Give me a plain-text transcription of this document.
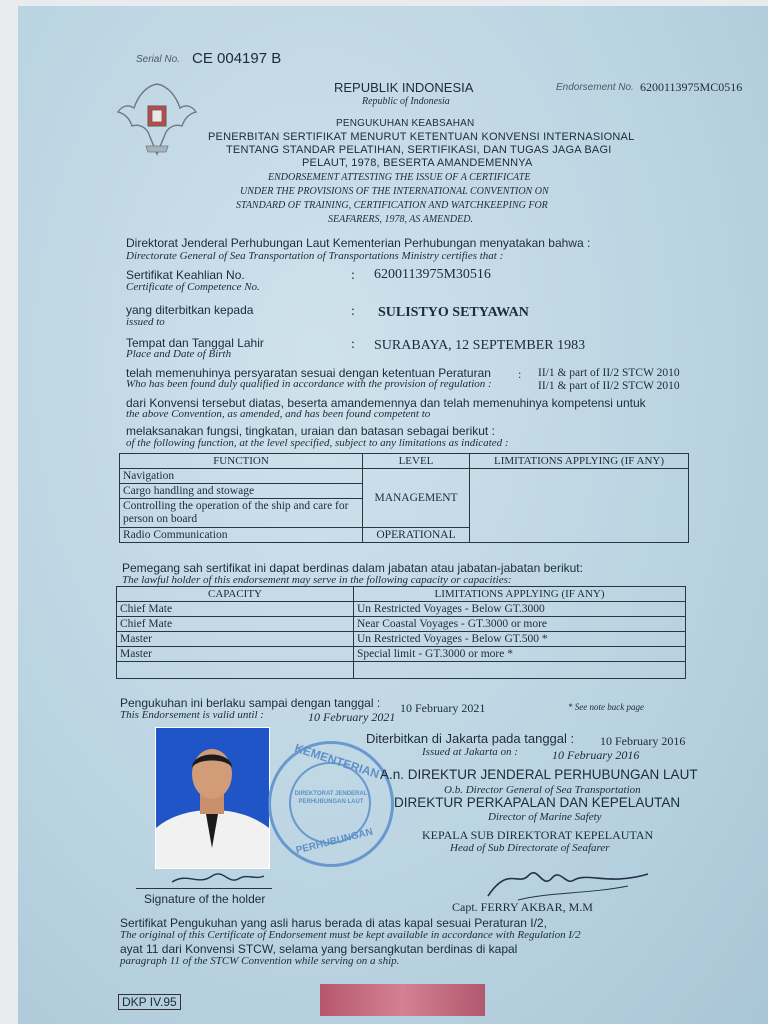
Serial No. CE 004197 B
REPUBLIK INDONESIA
Republic of Indonesia
Endorsement No. 6200113975MC0516
PENGUKUHAN KEABSAHAN
PENERBITAN SERTIFIKAT MENURUT KETENTUAN KONVENSI INTERNASIONAL
TENTANG STANDAR PELATIHAN, SERTIFIKASI, DAN TUGAS JAGA BAGI
PELAUT, 1978, BESERTA AMANDEMENNYA
ENDORSEMENT ATTESTING THE ISSUE OF A CERTIFICATE
UNDER THE PROVISIONS OF THE INTERNATIONAL CONVENTION ON
STANDARD OF TRAINING, CERTIFICATION AND WATCHKEEPING FOR
SEAFARERS, 1978, AS AMENDED.
Direktorat Jenderal Perhubungan Laut Kementerian Perhubungan menyatakan bahwa :
Directorate General of Sea Transportation of Transportations Ministry certifies that :
Sertifikat Keahlian No.
Certificate of Competence No.
: 6200113975M30516
yang diterbitkan kepada
issued to
: SULISTYO SETYAWAN
Tempat dan Tanggal Lahir
Place and Date of Birth
: SURABAYA, 12 SEPTEMBER 1983
telah memenuhinya persyaratan sesuai dengan ketentuan Peraturan
Who has been found duly qualified in accordance with the provision of regulation :
: II/1 & part of II/2 STCW 2010
II/1 & part of II/2 STCW 2010
dari Konvensi tersebut diatas, beserta amandemennya dan telah memenuhinya kompetensi untuk
the above Convention, as amended, and has been found competent to
melaksanakan fungsi, tingkatan, uraian dan batasan sebagai berikut :
of the following function, at the level specified, subject to any limitations as indicated :
FUNCTION	LEVEL	LIMITATIONS APPLYING (IF ANY)
Navigation	MANAGEMENT	
Cargo handling and stowage		
Controlling the operation of the ship and care for person on board		
Radio Communication	OPERATIONAL	
Pemegang sah sertifikat ini dapat berdinas dalam jabatan atau jabatan-jabatan berikut:
The lawful holder of this endorsement may serve in the following capacity or capacities:
CAPACITY	LIMITATIONS APPLYING (IF ANY)
Chief Mate	Un Restricted Voyages - Below GT.3000
Chief Mate	Near Coastal Voyages - GT.3000 or more
Master	Un Restricted Voyages - Below GT.500 *
Master	Special limit - GT.3000 or more *

Pengukuhan ini berlaku sampai dengan tanggal :
This Endorsement is valid until :	10 February 2021
10 February 2021
* See note back page
KEMENTERIAN
PERHUBUNGAN
DIREKTORAT JENDERAL PERHUBUNGAN LAUT
Diterbitkan di Jakarta pada tanggal :
Issued at Jakarta on :
10 February 2016
10 February 2016
A.n. DIREKTUR JENDERAL PERHUBUNGAN LAUT
O.b. Director General of Sea Transportation
DIREKTUR PERKAPALAN DAN KEPELAUTAN
Director of Marine Safety
KEPALA SUB DIREKTORAT KEPELAUTAN
Head of Sub Directorate of Seafarer
Capt. FERRY AKBAR, M.M
Signature of the holder
Sertifikat Pengukuhan yang asli harus berada di atas kapal sesuai Peraturan I/2,
The original of this Certificate of Endorsement must be kept available in accordance with Regulation I/2
ayat 11 dari Konvensi STCW, selama yang bersangkutan berdinas di kapal
paragraph 11 of the STCW Convention while serving on a ship.
DKP IV.95
